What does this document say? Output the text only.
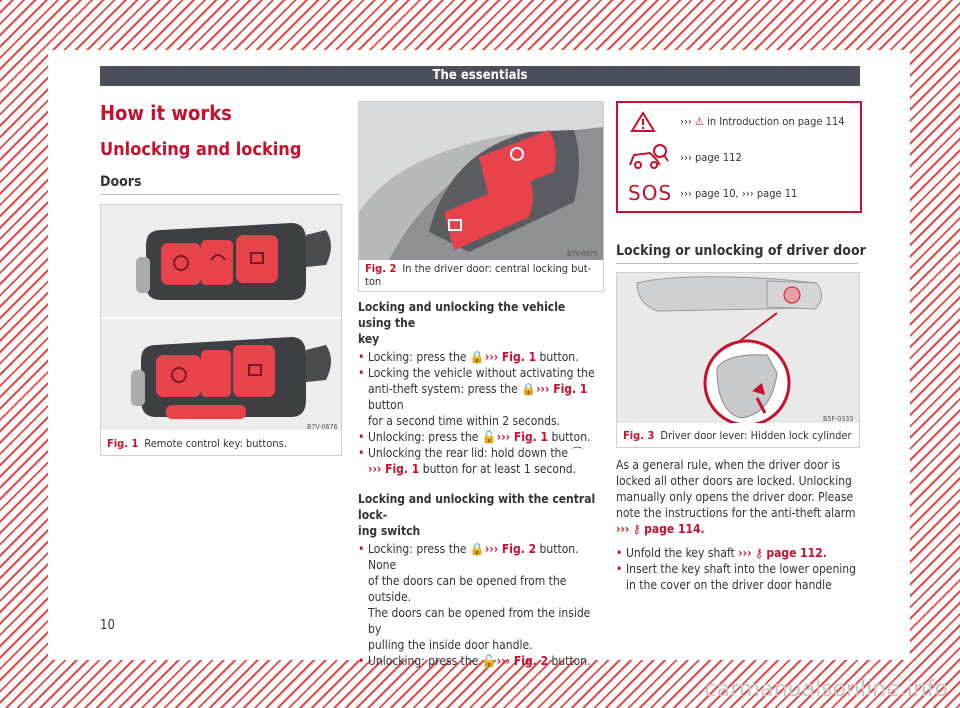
The essentials
How it works
Unlocking and locking
Doors
B7V-0676
Fig. 1 Remote control key: buttons.
B7V-0675
Fig. 2 In the driver door: central locking but-
ton

Locking and unlocking the vehicle using the
key

• Locking: press the 🔒››› Fig. 1 button.

• Locking the vehicle without activating the
anti-theft system: press the 🔒››› Fig. 1 button
for a second time within 2 seconds.

• Unlocking: press the 🔓››› Fig. 1 button.

• Unlocking the rear lid: hold down the ⌒
››› Fig. 1 button for at least 1 second.

Locking and unlocking with the central lock-
ing switch

• Locking: press the 🔒››› Fig. 2 button. None
of the doors can be opened from the outside.
The doors can be opened from the inside by
pulling the inside door handle.

• Unlocking: press the 🔓››› Fig. 2 button.

››› ⚠ in Introduction on page 114
››› page 112
SOS ››› page 10, ››› page 11
Locking or unlocking of driver door
B5F-0333
Fig. 3 Driver door lever: Hidden lock cylinder

As a general rule, when the driver door is
locked all other doors are locked. Unlocking
manually only opens the driver door. Please
note the instructions for the anti-theft alarm
››› ⚷ page 114.

• Unfold the key shaft ››› ⚷ page 112.

• Insert the key shaft into the lower opening
in the cover on the driver door handle

10
carmanualsonline.info
